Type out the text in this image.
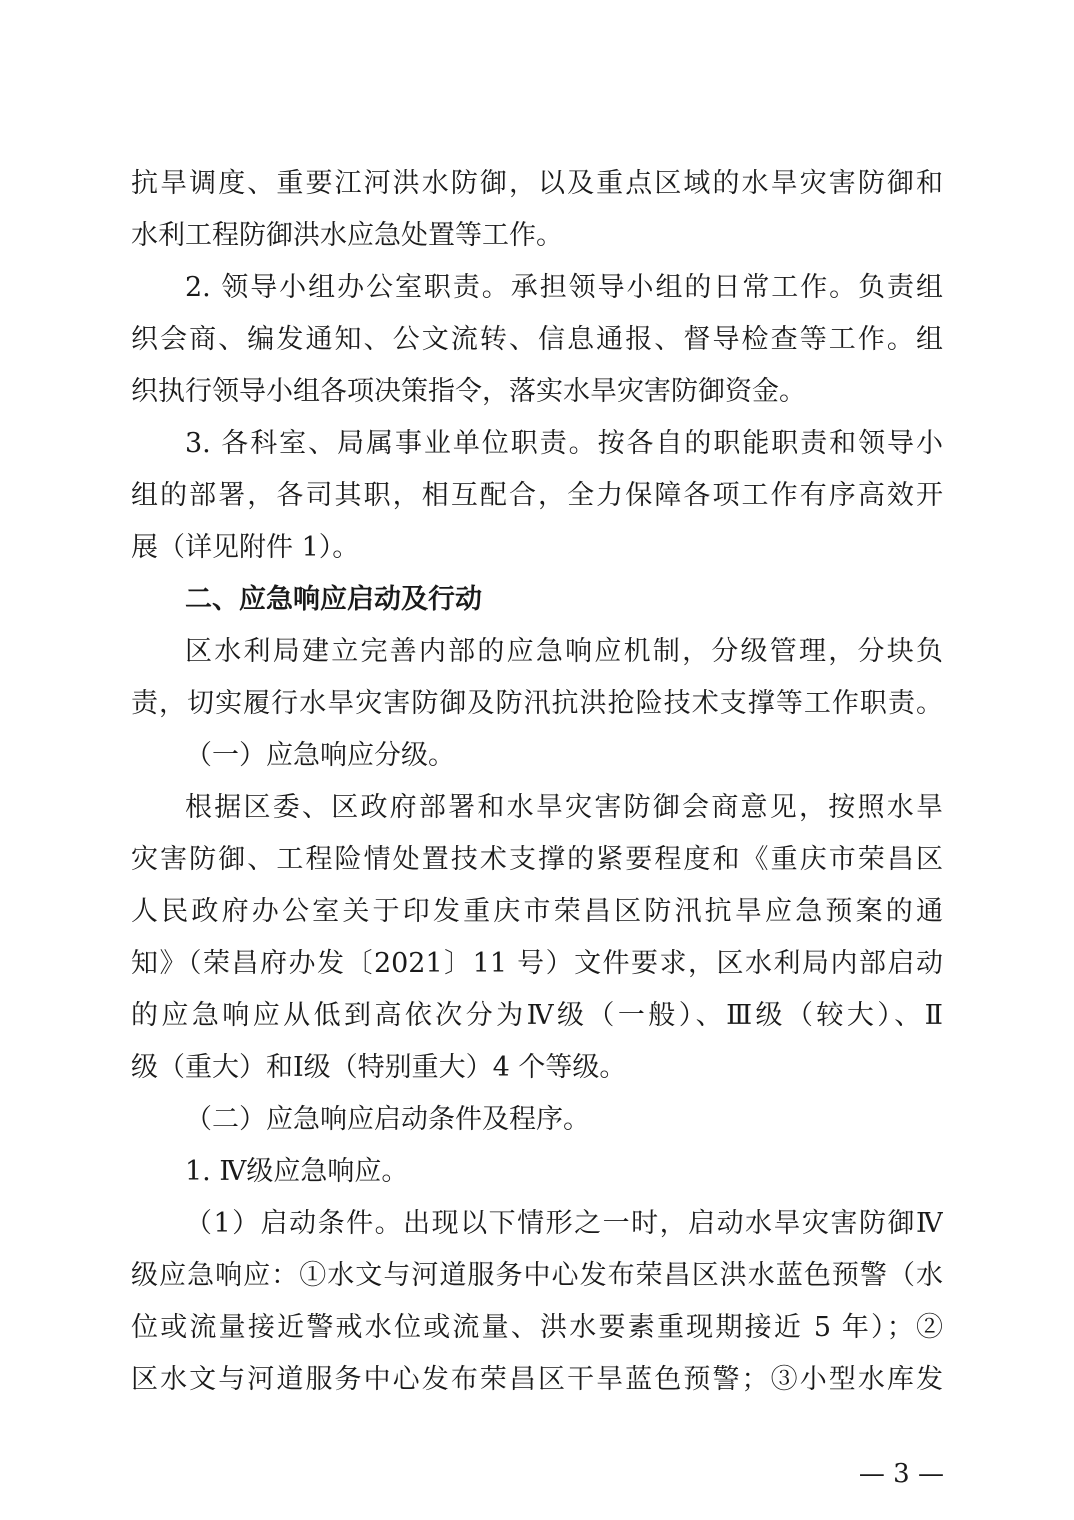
抗旱调度、重要江河洪水防御，以及重点区域的水旱灾害防御和
水利工程防御洪水应急处置等工作。
2. 领导小组办公室职责。承担领导小组的日常工作。负责组
织会商、编发通知、公文流转、信息通报、督导检查等工作。组
织执行领导小组各项决策指令，落实水旱灾害防御资金。
3. 各科室、局属事业单位职责。按各自的职能职责和领导小
组的部署，各司其职，相互配合，全力保障各项工作有序高效开
展（详见附件 1）。
二、应急响应启动及行动
区水利局建立完善内部的应急响应机制，分级管理，分块负
责，切实履行水旱灾害防御及防汛抗洪抢险技术支撑等工作职责。
（一）应急响应分级。
根据区委、区政府部署和水旱灾害防御会商意见，按照水旱
灾害防御、工程险情处置技术支撑的紧要程度和《重庆市荣昌区
人民政府办公室关于印发重庆市荣昌区防汛抗旱应急预案的通
知》（荣昌府办发〔2021〕11 号）文件要求，区水利局内部启动
的应急响应从低到高依次分为Ⅳ级（一般）、Ⅲ级（较大）、Ⅱ
级（重大）和Ⅰ级（特别重大）4 个等级。
（二）应急响应启动条件及程序。
1. Ⅳ级应急响应。
（1）启动条件。出现以下情形之一时，启动水旱灾害防御Ⅳ
级应急响应：①水文与河道服务中心发布荣昌区洪水蓝色预警（水
位或流量接近警戒水位或流量、洪水要素重现期接近 5 年）；②
区水文与河道服务中心发布荣昌区干旱蓝色预警；③小型水库发
— 3 —
